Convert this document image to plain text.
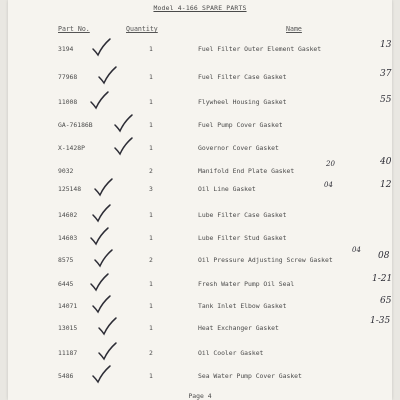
Model 4-166 SPARE PARTS
Part No.	Quantity	Name
3194	1	Fuel Filter Outer Element Gasket	13
77968	1	Fuel Filter Case Gasket	37
11008	1	Flywheel Housing Gasket	55
GA-76186B	1	Fuel Pump Cover Gasket
X-1428P	1	Governor Cover Gasket
9032	2	Manifold End Plate Gasket
40
20
125148	3	Oil Line Gasket	12
04
14602	1	Lube Filter Case Gasket
14603	1	Lube Filter Stud Gasket
8575	2	Oil Pressure Adjusting Screw Gasket	08
04
6445	1	Fresh Water Pump Oil Seal	1-21
14071	1	Tank Inlet Elbow Gasket	65
13015	1	Heat Exchanger Gasket
1-35
11187	2	Oil Cooler Gasket
5486	1	Sea Water Pump Cover Gasket
Page 4
